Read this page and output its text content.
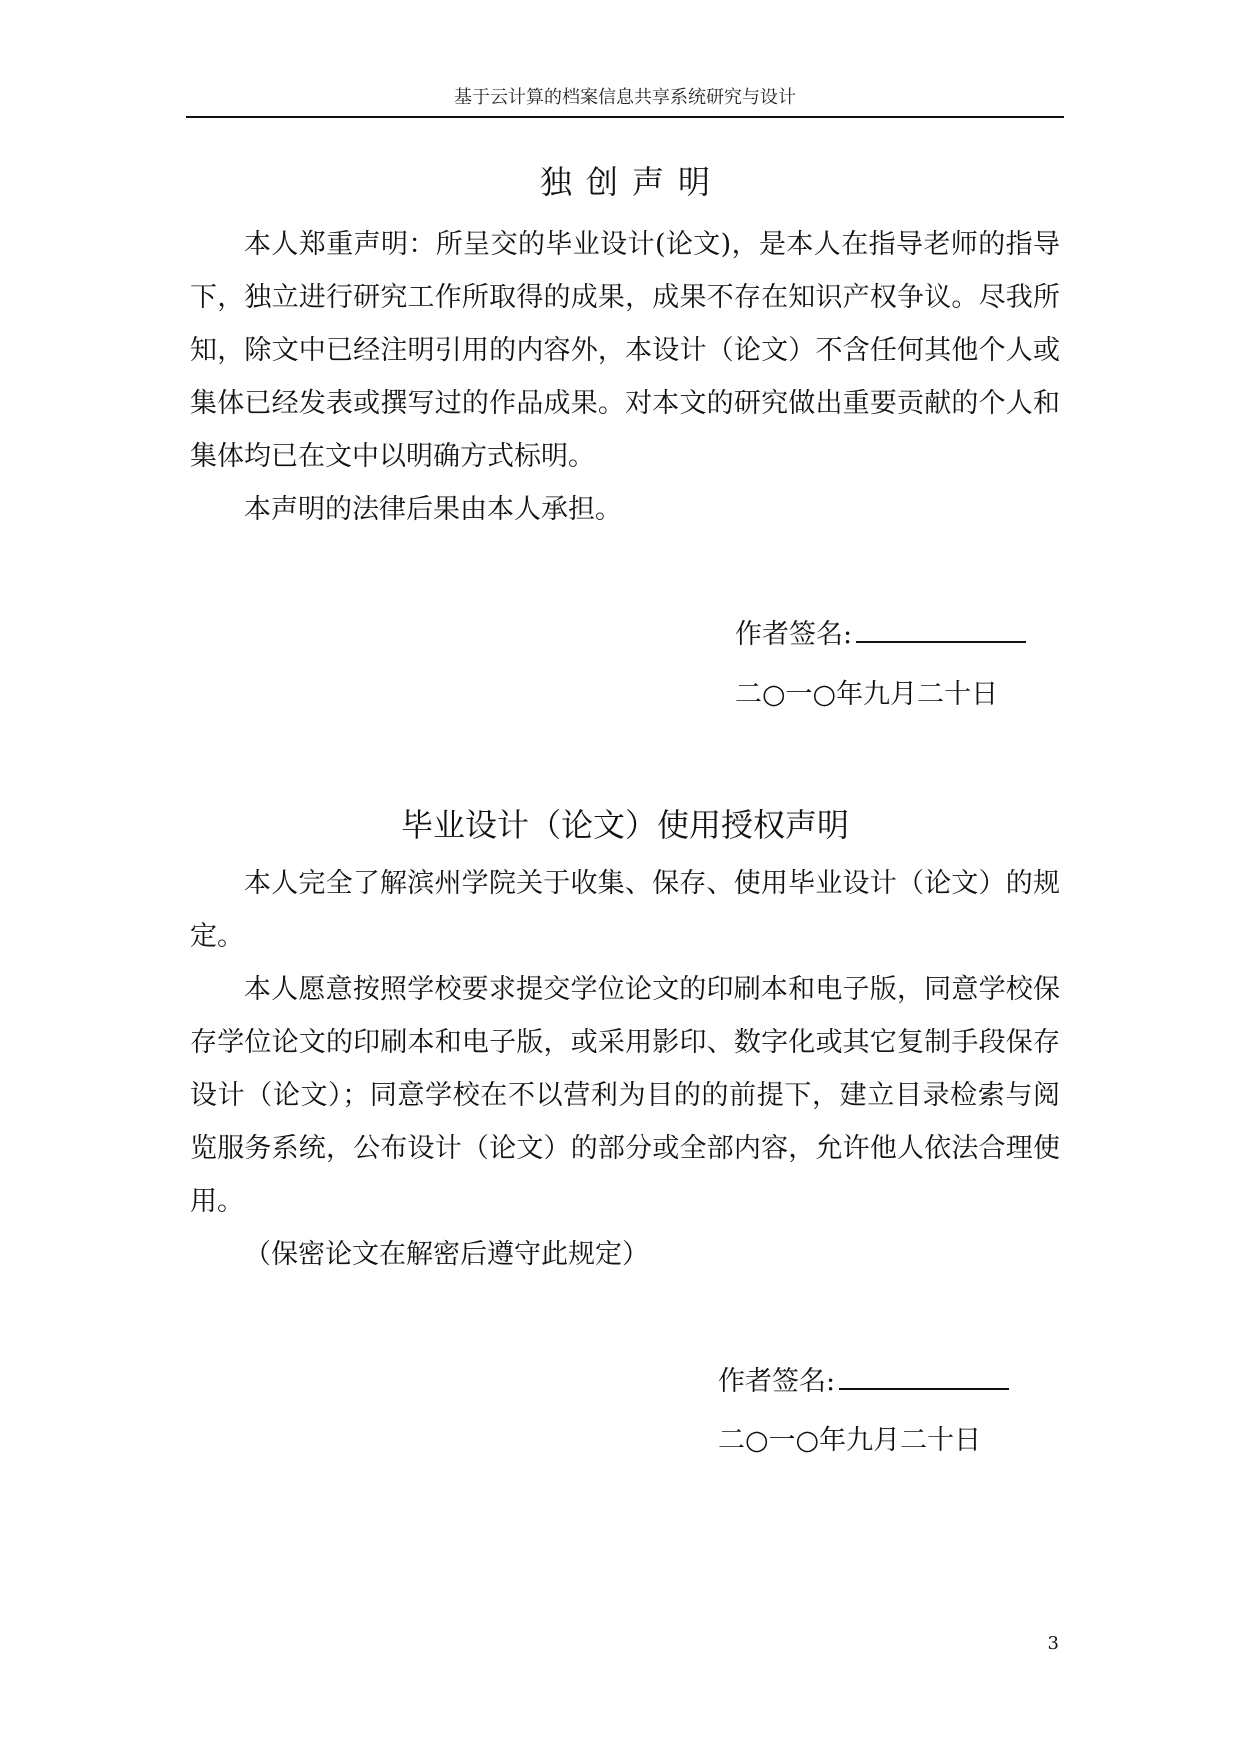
基于云计算的档案信息共享系统研究与设计
独创声明

本人郑重声明：所呈交的毕业设计(论文)，是本人在指导老师的指导下，独立进行研究工作所取得的成果，成果不存在知识产权争议。尽我所知，除文中已经注明引用的内容外，本设计（论文）不含任何其他个人或集体已经发表或撰写过的作品成果。对本文的研究做出重要贡献的个人和集体均已在文中以明确方式标明。

本声明的法律后果由本人承担。

作者签名:
二○一○年九月二十日
毕业设计（论文）使用授权声明

本人完全了解滨州学院关于收集、保存、使用毕业设计（论文）的规定。

本人愿意按照学校要求提交学位论文的印刷本和电子版，同意学校保存学位论文的印刷本和电子版，或采用影印、数字化或其它复制手段保存设计（论文）；同意学校在不以营利为目的的前提下，建立目录检索与阅览服务系统，公布设计（论文）的部分或全部内容，允许他人依法合理使用。

（保密论文在解密后遵守此规定）

作者签名:
二○一○年九月二十日
3
